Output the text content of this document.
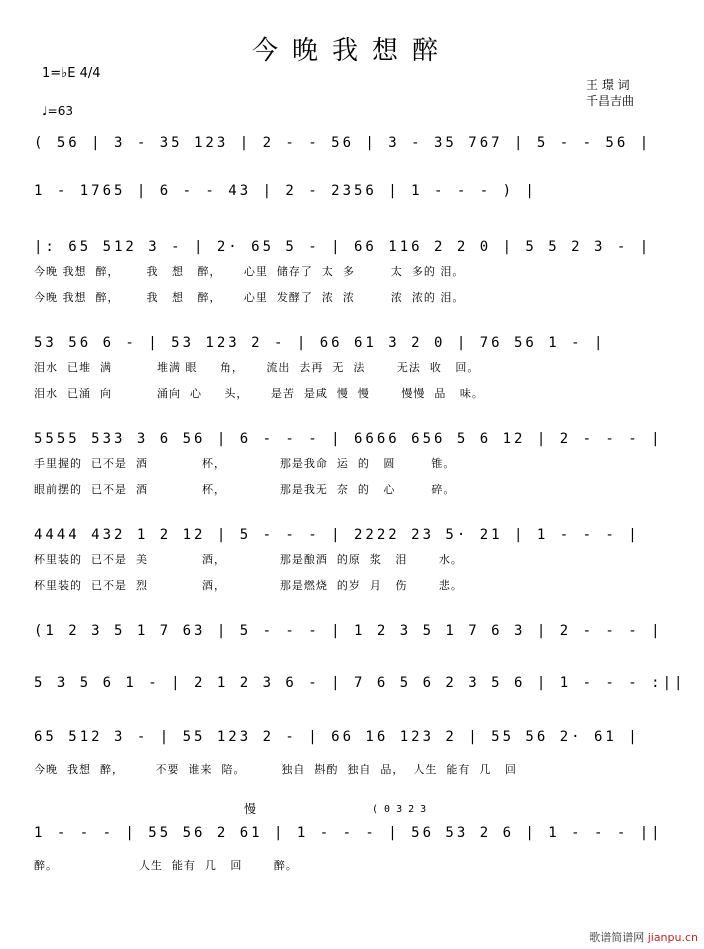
今晚我想醉
1=♭E 4/4
♩=63
王 璟 词
千昌吉曲
( 56 | 3 - 35 123 | 2 - - 56 | 3 - 35 767 | 5 - - 56 |
1 - 1765 | 6 - - 43 | 2 - 2356 | 1 - - - ) |
|: 65 512 3 - | 2· 65 5 - | 66 116 2 2 0 | 5 5 2 3 - |
53 56 6 - | 53 123 2 - | 66 61 3 2 0 | 76 56 1 - |
5555 533 3 6 56 | 6 - - - | 6666 656 5 6 12 | 2 - - - |
4444 432 1 2 12 | 5 - - - | 2222 23 5· 21 | 1 - - - |
(1 2 3 5 1 7 63 | 5 - - - | 1 2 3 5 1 7 6 3 | 2 - - - |
5 3 5 6 1 - | 2 1 2 3 6 - | 7 6 5 6 2 3 5 6 | 1 - - - :||
65 512 3 - | 55 123 2 - | 66 16 123 2 | 55 56 2· 61 |
1 - - - | 55 56 2 61 | 1 - - - | 56 53 2 6 | 1 - - - ||
今晚 我想  醉，      我   想   醉，     心里  储存了  太  多        太  多的 泪。
今晚 我想  醉，      我   想   醉，     心里  发酵了  浓  浓        浓  浓的 泪。
泪水  已堆  满          堆满 眼     角，     流出  去再  无  法       无法  收   回。
泪水  已涌  向          涌向  心     头，     是苦  是咸  慢  慢       慢慢  品   味。
手里握的  已不是  酒            杯，            那是我命  运  的   圆        锥。
眼前摆的  已不是  酒            杯，            那是我无  奈  的   心        碎。
杯里装的  已不是  美            酒，            那是酿酒  的原  浆   泪       水。
杯里装的  已不是  烈            酒，            那是燃烧  的岁  月   伤       悲。
今晚  我想  醉，       不要  谁来  陪。        独自  斟酌  独自  品，  人生  能有  几   回
醉。                  人生  能有  几   回       醉。
慢	( 0 3 2 3
歌谱简谱网 jianpu.cn
